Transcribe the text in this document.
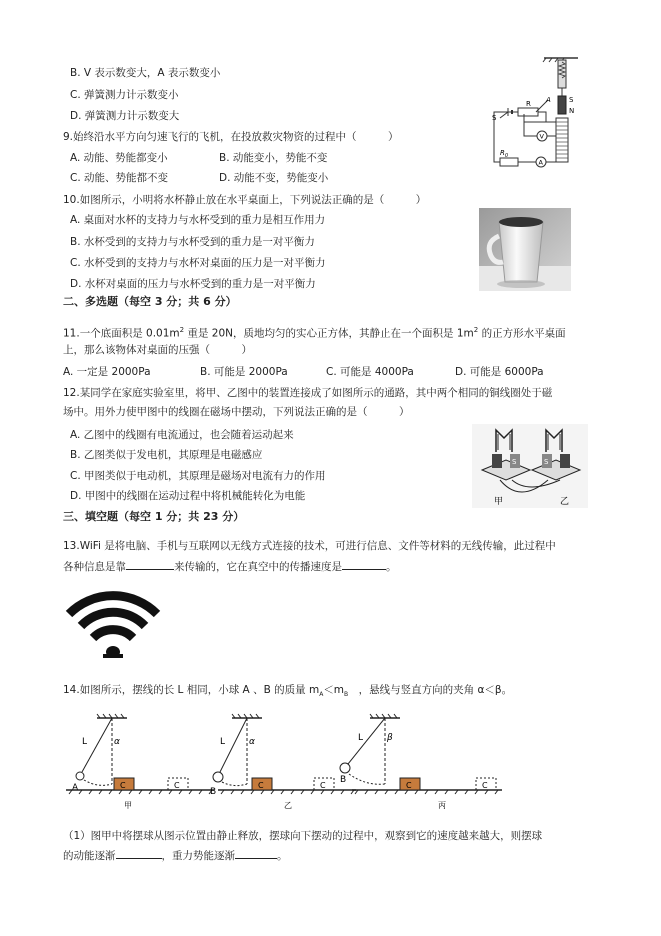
B. V 表示数变大，A 表示数变小
C. 弹簧测力计示数变小
D. 弹簧测力计示数变大
S
N
R A
V
S
$R_0$
A
9.始终沿水平方向匀速飞行的飞机，在投放救灾物资的过程中（　　　）
A. 动能、势能都变小	B. 动能变小，势能不变
C. 动能、势能都不变	D. 动能不变，势能变小
10.如图所示，小明将水杯静止放在水平桌面上，下列说法正确的是（　　　）
A. 桌面对水杯的支持力与水杯受到的重力是相互作用力
B. 水杯受到的支持力与水杯受到的重力是一对平衡力
C. 水杯受到的支持力与水杯对桌面的压力是一对平衡力
D. 水杯对桌面的压力与水杯受到的重力是一对平衡力
二、多选题（每空 3 分；共 6 分）
11.一个底面积是 $0.01m^2$ 重是 20N，质地均匀的实心正方体，其静止在一个面积是 $1m^2$ 的正方形水平桌面
上，那么该物体对桌面的压强（　　　）
A. 一定是 2000Pa	B. 可能是 2000Pa	C. 可能是 4000Pa	D. 可能是 6000Pa
12.某同学在家庭实验室里，将甲、乙图中的装置连接成了如图所示的通路，其中两个相同的铜线圈处于磁
场中。用外力使甲图中的线圈在磁场中摆动，下列说法正确的是（　　　）
A. 乙图中的线圈有电流通过，也会随着运动起来
B. 乙图类似于发电机，其原理是电磁感应
C. 甲图类似于电动机，其原理是磁场对电流有力的作用
D. 甲图中的线圈在运动过程中将机械能转化为电能
S	S
甲	乙
三、填空题（每空 1 分；共 23 分）
13.WiFi 是将电脑、手机与互联网以无线方式连接的技术，可进行信息、文件等材料的无线传输，此过程中
各种信息是靠	来传输的，它在真空中的传播速度是	。
14.如图所示，摆线的长 L 相同，小球 A 、B 的质量 $m_A<m_B$　，悬线与竖直方向的夹角 α＜β。
α
L
A	C	C
甲
α
L
B
C	C
乙
β
L
B
C	C
丙
（1）图甲中将摆球从图示位置由静止释放，摆球向下摆动的过程中，观察到它的速度越来越大，则摆球
的动能逐渐	，重力势能逐渐	。
